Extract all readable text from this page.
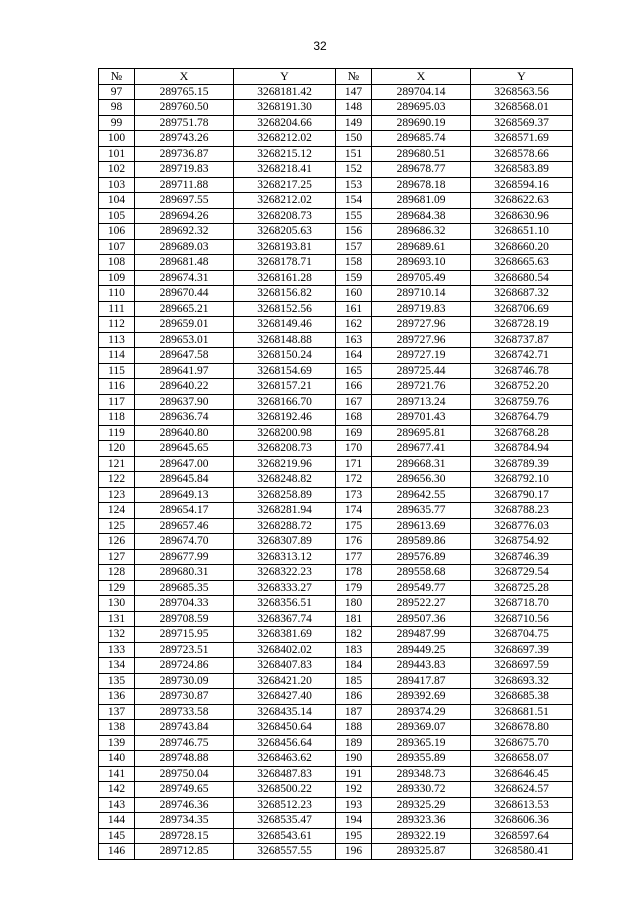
32
№	X	Y	№	X	Y
97	289765.15	3268181.42	147	289704.14	3268563.56
98	289760.50	3268191.30	148	289695.03	3268568.01
99	289751.78	3268204.66	149	289690.19	3268569.37
100	289743.26	3268212.02	150	289685.74	3268571.69
101	289736.87	3268215.12	151	289680.51	3268578.66
102	289719.83	3268218.41	152	289678.77	3268583.89
103	289711.88	3268217.25	153	289678.18	3268594.16
104	289697.55	3268212.02	154	289681.09	3268622.63
105	289694.26	3268208.73	155	289684.38	3268630.96
106	289692.32	3268205.63	156	289686.32	3268651.10
107	289689.03	3268193.81	157	289689.61	3268660.20
108	289681.48	3268178.71	158	289693.10	3268665.63
109	289674.31	3268161.28	159	289705.49	3268680.54
110	289670.44	3268156.82	160	289710.14	3268687.32
111	289665.21	3268152.56	161	289719.83	3268706.69
112	289659.01	3268149.46	162	289727.96	3268728.19
113	289653.01	3268148.88	163	289727.96	3268737.87
114	289647.58	3268150.24	164	289727.19	3268742.71
115	289641.97	3268154.69	165	289725.44	3268746.78
116	289640.22	3268157.21	166	289721.76	3268752.20
117	289637.90	3268166.70	167	289713.24	3268759.76
118	289636.74	3268192.46	168	289701.43	3268764.79
119	289640.80	3268200.98	169	289695.81	3268768.28
120	289645.65	3268208.73	170	289677.41	3268784.94
121	289647.00	3268219.96	171	289668.31	3268789.39
122	289645.84	3268248.82	172	289656.30	3268792.10
123	289649.13	3268258.89	173	289642.55	3268790.17
124	289654.17	3268281.94	174	289635.77	3268788.23
125	289657.46	3268288.72	175	289613.69	3268776.03
126	289674.70	3268307.89	176	289589.86	3268754.92
127	289677.99	3268313.12	177	289576.89	3268746.39
128	289680.31	3268322.23	178	289558.68	3268729.54
129	289685.35	3268333.27	179	289549.77	3268725.28
130	289704.33	3268356.51	180	289522.27	3268718.70
131	289708.59	3268367.74	181	289507.36	3268710.56
132	289715.95	3268381.69	182	289487.99	3268704.75
133	289723.51	3268402.02	183	289449.25	3268697.39
134	289724.86	3268407.83	184	289443.83	3268697.59
135	289730.09	3268421.20	185	289417.87	3268693.32
136	289730.87	3268427.40	186	289392.69	3268685.38
137	289733.58	3268435.14	187	289374.29	3268681.51
138	289743.84	3268450.64	188	289369.07	3268678.80
139	289746.75	3268456.64	189	289365.19	3268675.70
140	289748.88	3268463.62	190	289355.89	3268658.07
141	289750.04	3268487.83	191	289348.73	3268646.45
142	289749.65	3268500.22	192	289330.72	3268624.57
143	289746.36	3268512.23	193	289325.29	3268613.53
144	289734.35	3268535.47	194	289323.36	3268606.36
145	289728.15	3268543.61	195	289322.19	3268597.64
146	289712.85	3268557.55	196	289325.87	3268580.41
